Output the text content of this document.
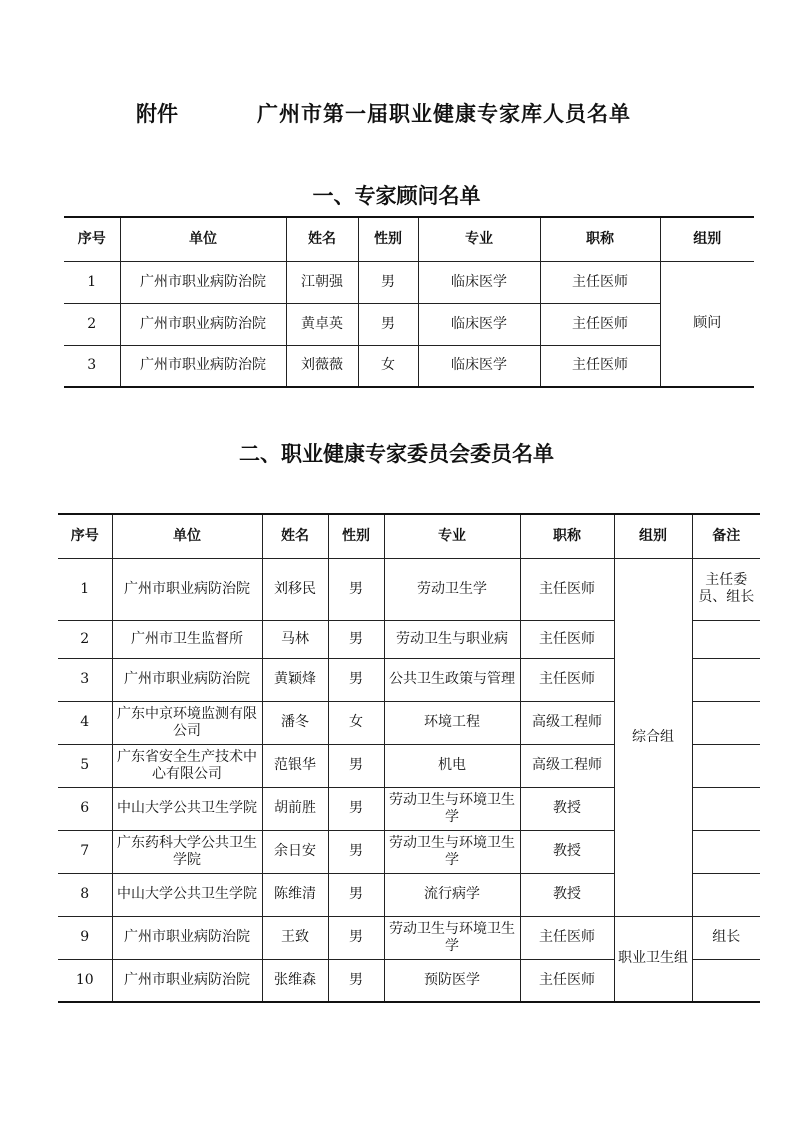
附件	广州市第一届职业健康专家库人员名单
一、专家顾问名单
序号	单位	姓名	性别	专业	职称	组别
1	广州市职业病防治院	江朝强	男	临床医学	主任医师	顾问
2	广州市职业病防治院	黄卓英	男	临床医学	主任医师	
3	广州市职业病防治院	刘薇薇	女	临床医学	主任医师	
二、职业健康专家委员会委员名单
序号	单位	姓名	性别	专业	职称	组别	备注
1	广州市职业病防治院	刘移民	男	劳动卫生学	主任医师	综合组	主任委员、组长
2	广州市卫生监督所	马林	男	劳动卫生与职业病	主任医师		
3	广州市职业病防治院	黄颖烽	男	公共卫生政策与管理	主任医师		
4	广东中京环境监测有限公司	潘冬	女	环境工程	高级工程师		
5	广东省安全生产技术中心有限公司	范银华	男	机电	高级工程师		
6	中山大学公共卫生学院	胡前胜	男	劳动卫生与环境卫生学	教授		
7	广东药科大学公共卫生学院	余日安	男	劳动卫生与环境卫生学	教授		
8	中山大学公共卫生学院	陈维清	男	流行病学	教授		
9	广州市职业病防治院	王致	男	劳动卫生与环境卫生学	主任医师	职业卫生组	组长
10	广州市职业病防治院	张维森	男	预防医学	主任医师		
